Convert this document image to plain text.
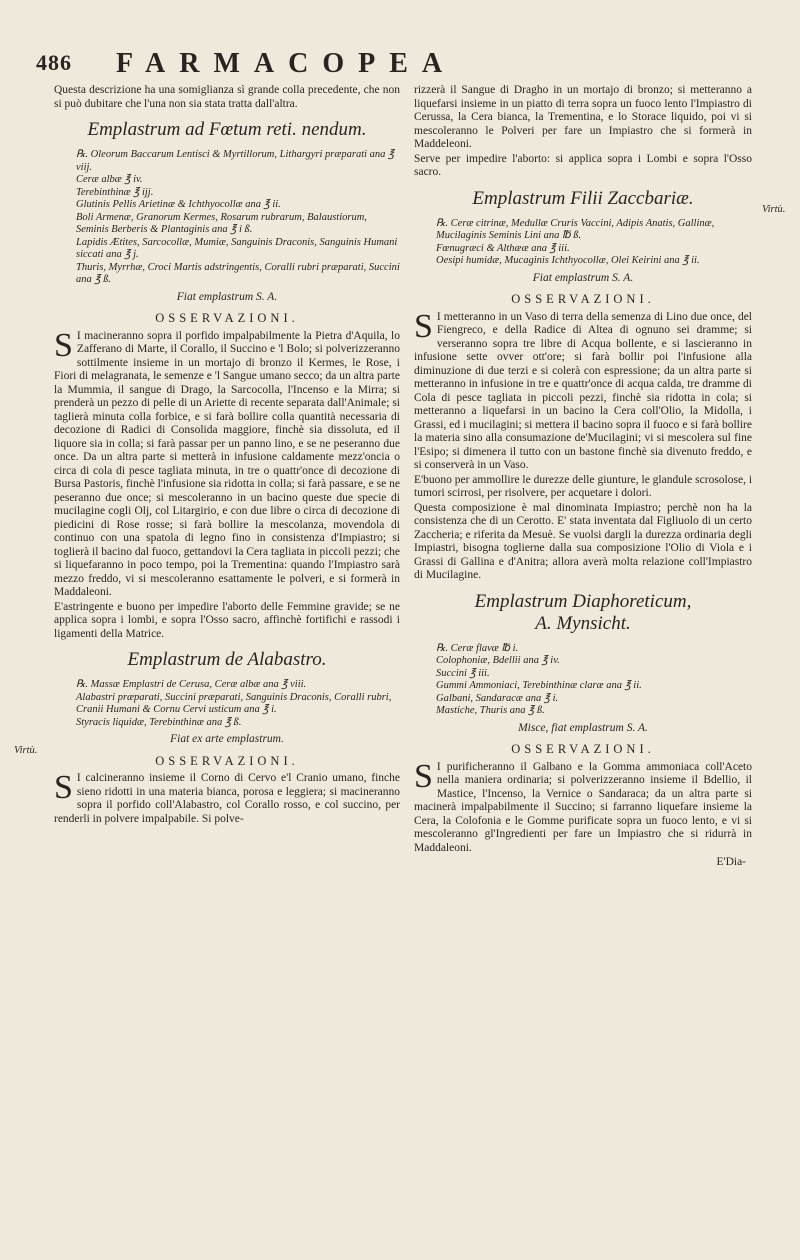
486 FARMACOPEA

Questa descrizione ha una somiglianza sì grande colla precedente, che non si può dubitare che l'una non sia stata tratta dall'altra.

Emplastrum ad Fœtum reti. nendum.
℞. Oleorum Baccarum Lentisci & Myrtillorum, Lithargyri præparati ana ℥ viij.
Ceræ albæ ℥ iv.
Terebinthinæ ℥ ijj.
Glutinis Pellis Arietinæ & Ichthyocollæ ana ℥ ii.
Boli Armenæ, Granorum Kermes, Rosarum rubrarum, Balaustiorum, Seminis Berberis & Plantaginis ana ℥ i ß.
Lapidis Ætites, Sarcocollæ, Mumiæ, Sanguinis Draconis, Sanguinis Humani siccati ana ℥ j.
Thuris, Myrrhæ, Croci Martis adstringentis, Coralli rubri præparati, Succini ana ℥ ß.
Fiat emplastrum S. A.
OSSERVAZIONI.

S I macineranno sopra il porfido impalpabilmente la Pietra d'Aquila, lo Zafferano di Marte, il Corallo, il Succino e 'l Bolo; si polverizzeranno sottilmente insieme in un mortajo di bronzo il Kermes, le Rose, i Fiori di melagranata, le semenze e 'l Sangue umano secco; da un altra parte la Mummia, il sangue di Drago, la Sarcocolla, l'Incenso e la Mirra; si prenderà un pezzo di pelle di un Ariette di recente separata dall'Animale; si taglierà minuta colla forbice, e si farà bollire colla quantità necessaria di decozione di Radici di Consolida maggiore, finchè sia dissoluta, ed il liquore sia in colla; si farà passar per un panno lino, e se ne peseranno due once. Da un altra parte si metterà in infusione caldamente mezz'oncia o circa di cola di pesce tagliata minuta, in tre o quattr'once di decozione di Bursa Pastoris, finchè l'infusione sia ridotta in colla; si farà passare, e se ne peseranno due once; si mescoleranno in un bacino queste due specie di mucilagine cogli Olj, col Litargirio, e con due libre o circa di decozione di piedicini di Rose rosse; si farà bollire la mescolanza, movendola di continuo con una spatola di legno fino in consistenza d'Impiastro; si toglierà il bacino dal fuoco, gettandovi la Cera tagliata in piccoli pezzi; che si liquefaranno in poco tempo, poi la Trementina: quando l'Impiastro sarà mezzo freddo, vi si mescoleranno esattamente le polveri, e si formerà in Maddaleoni.

E'astringente e buono per impedire l'aborto delle Femmine gravide; se ne applica sopra i lombi, e sopra l'Osso sacro, affinchè fortifichi e rassodi i ligamenti della Matrice.

Emplastrum de Alabastro.
℞. Massæ Emplastri de Cerusa, Ceræ albæ ana ℥ viii.
Alabastri præparati, Succini præparati, Sanguinis Draconis, Coralli rubri, Cranii Humani & Cornu Cervi usticum ana ℥ i.
Styracis liquidæ, Terebinthinæ ana ℥ ß.
Fiat ex arte emplastrum.
OSSERVAZIONI.

S I calcineranno insieme il Corno di Cervo e'l Cranio umano, finche sieno ridotti in una materia bianca, porosa e leggiera; si macineranno sopra il porfido coll'Alabastro, col Corallo rosso, e col succino, per renderli in polvere impalpabile. Si polve-

Virtù.

rizzerà il Sangue di Dragho in un mortajo di bronzo; si metteranno a liquefarsi insieme in un piatto di terra sopra un fuoco lento l'Impiastro di Cerussa, la Cera bianca, la Trementina, e lo Storace liquido, poi vi si mescoleranno le Polveri per fare un Impiastro che si formerà in Maddeleoni.

Serve per impedire l'aborto: si applica sopra i Lombi e sopra l'Osso sacro.

Emplastrum Filii Zaccbariæ.
℞. Ceræ citrinæ, Medullæ Cruris Vaccini, Adipis Anatis, Gallinæ, Mucilaginis Seminis Lini ana ℔ ß.
Fœnugræci & Althææ ana ℥ iii.
Oesipi humidæ, Mucaginis Ichthyocollæ, Olei Keirini ana ℥ ii.
Fiat emplastrum S. A.
OSSERVAZIONI.

S I metteranno in un Vaso di terra della semenza di Lino due once, del Fiengreco, e della Radice di Altea di ognuno sei dramme; si verseranno sopra tre libre di Acqua bollente, e si lascieranno in infusione sette ovver ott'ore; si farà bollir poi l'infusione alla diminuzione di due terzi e si colerà con espressione; da un altra parte si metteranno in infusione in tre e quattr'once di acqua calda, tre dramme di Cola di pesce tagliata in piccoli pezzi, finchè sia ridotta in cola; si metteranno a liquefarsi in un bacino la Cera coll'Olio, la Midolla, i Grassi, ed i mucilagini; si mettera il bacino sopra il fuoco e si farà bollire la materia sino alla consumazione de'Mucilagini; vi si mescolera sul fine l'Esipo; si dimenera il tutto con un bastone finchè sia divenuto freddo, e si conserverà in un Vaso.

E'buono per ammollire le durezze delle giunture, le glandule scrosolose, i tumori scirrosi, per risolvere, per acquetare i dolori.

Questa composizione è mal dinominata Impiastro; perchè non ha la consistenza che di un Cerotto. E' stata inventata dal Figliuolo di un certo Zaccheria; e riferita da Mesuè. Se vuolsi dargli la durezza ordinaria degli Impiastri, bisogna toglierne dalla sua composizione l'Olio di Viola e i Grassi di Gallina e d'Anitra; allora averà molta relazione coll'Impiastro di Mucilagine.

Emplastrum Diaphoreticum,
A. Mynsicht.
℞. Ceræ flavæ ℔ i.
Colophoniæ, Bdellii ana ℥ iv.
Succini ℥ iii.
Gummi Ammoniaci, Terebinthinæ claræ ana ℥ ii.
Galbani, Sandaracæ ana ℥ i.
Mastiche, Thuris ana ℥ ß.
Misce, fiat emplastrum S. A.
OSSERVAZIONI.

S I purificheranno il Galbano e la Gomma ammoniaca coll'Aceto nella maniera ordinaria; si polverizzeranno insieme il Bdellio, il Mastice, l'Incenso, la Vernice o Sandaraca; da un altra parte si macinerà impalpabilmente il Succino; si farranno liquefare insieme la Cera, la Colofonia e le Gomme purificate sopra un fuoco lento, e vi si mescoleranno gl'Ingredienti per fare un Impiastro che si ridurrà in Maddaleoni.

E'Dia-
Virtù.
